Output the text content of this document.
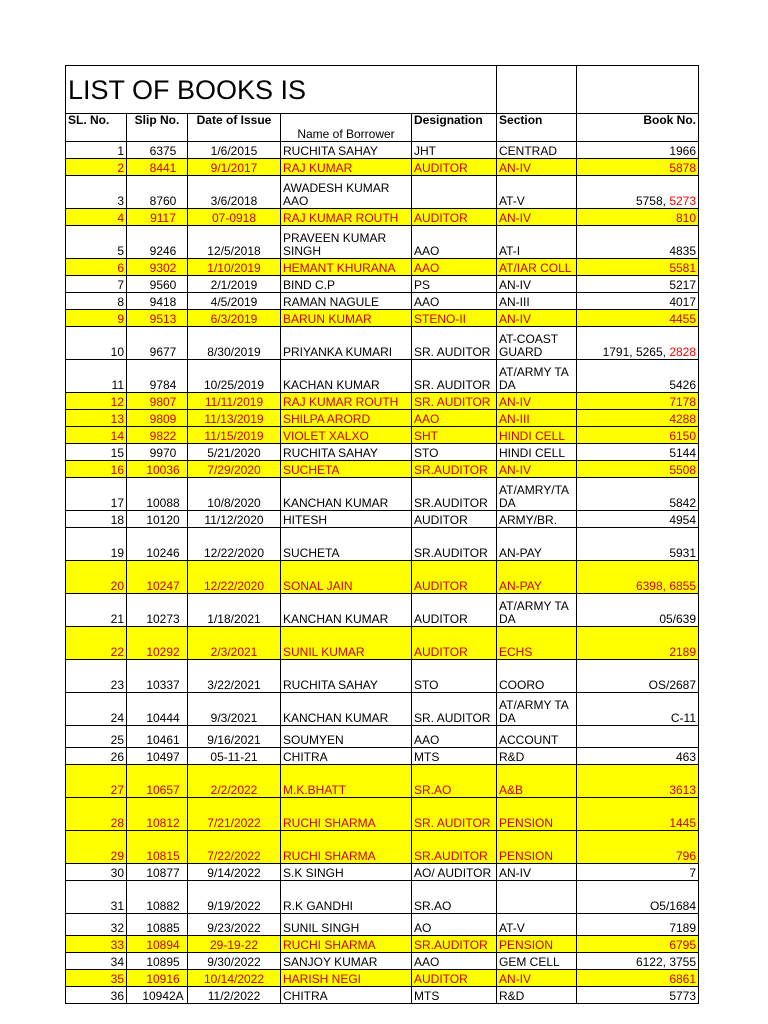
LIST OF BOOKS IS						
SL. No.	Slip No.	Date of Issue	Name of Borrower	Designation	Section	Book No.
1	6375	1/6/2015	RUCHITA SAHAY	JHT	CENTRAD	1966
2	8441	9/1/2017	RAJ KUMAR	AUDITOR	AN-IV	5878
3	8760	3/6/2018	AWADESH KUMAR AAO		AT-V	5758, 5273
4	9117	07-0918	RAJ KUMAR ROUTH	AUDITOR	AN-IV	810
5	9246	12/5/2018	PRAVEEN KUMAR SINGH	AAO	AT-I	4835
6	9302	1/10/2019	HEMANT KHURANA	AAO	AT/IAR COLL	5581
7	9560	2/1/2019	BIND C.P	PS	AN-IV	5217
8	9418	4/5/2019	RAMAN NAGULE	AAO	AN-III	4017
9	9513	6/3/2019	BARUN KUMAR	STENO-II	AN-IV	4455
10	9677	8/30/2019	PRIYANKA KUMARI	SR. AUDITOR	AT-COAST GUARD	1791, 5265, 2828
11	9784	10/25/2019	KACHAN KUMAR	SR. AUDITOR	AT/ARMY TA DA	5426
12	9807	11/11/2019	RAJ KUMAR ROUTH	SR. AUDITOR	AN-IV	7178
13	9809	11/13/2019	SHILPA ARORD	AAO	AN-III	4288
14	9822	11/15/2019	VIOLET XALXO	SHT	HINDI CELL	6150
15	9970	5/21/2020	RUCHITA SAHAY	STO	HINDI CELL	5144
16	10036	7/29/2020	SUCHETA	SR.AUDITOR	AN-IV	5508
17	10088	10/8/2020	KANCHAN KUMAR	SR.AUDITOR	AT/AMRY/TA DA	5842
18	10120	11/12/2020	HITESH	AUDITOR	ARMY/BR.	4954
19	10246	12/22/2020	SUCHETA	SR.AUDITOR	AN-PAY	5931
20	10247	12/22/2020	SONAL JAIN	AUDITOR	AN-PAY	6398, 6855
21	10273	1/18/2021	KANCHAN KUMAR	AUDITOR	AT/ARMY TA DA	05/639
22	10292	2/3/2021	SUNIL KUMAR	AUDITOR	ECHS	2189
23	10337	3/22/2021	RUCHITA SAHAY	STO	COORO	OS/2687
24	10444	9/3/2021	KANCHAN KUMAR	SR. AUDITOR	AT/ARMY TA DA	C-11
25	10461	9/16/2021	SOUMYEN	AAO	ACCOUNT	
26	10497	05-11-21	CHITRA	MTS	R&D	463
27	10657	2/2/2022	M.K.BHATT	SR.AO	A&B	3613
28	10812	7/21/2022	RUCHI SHARMA	SR. AUDITOR	PENSION	1445
29	10815	7/22/2022	RUCHI SHARMA	SR.AUDITOR	PENSION	796
30	10877	9/14/2022	S.K SINGH	AO/ AUDITOR	AN-IV	7
31	10882	9/19/2022	R.K GANDHI	SR.AO		O5/1684
32	10885	9/23/2022	SUNIL SINGH	AO	AT-V	7189
33	10894	29-19-22	RUCHI SHARMA	SR.AUDITOR	PENSION	6795
34	10895	9/30/2022	SANJOY KUMAR	AAO	GEM CELL	6122, 3755
35	10916	10/14/2022	HARISH NEGI	AUDITOR	AN-IV	6861
36	10942A	11/2/2022	CHITRA	MTS	R&D	5773
